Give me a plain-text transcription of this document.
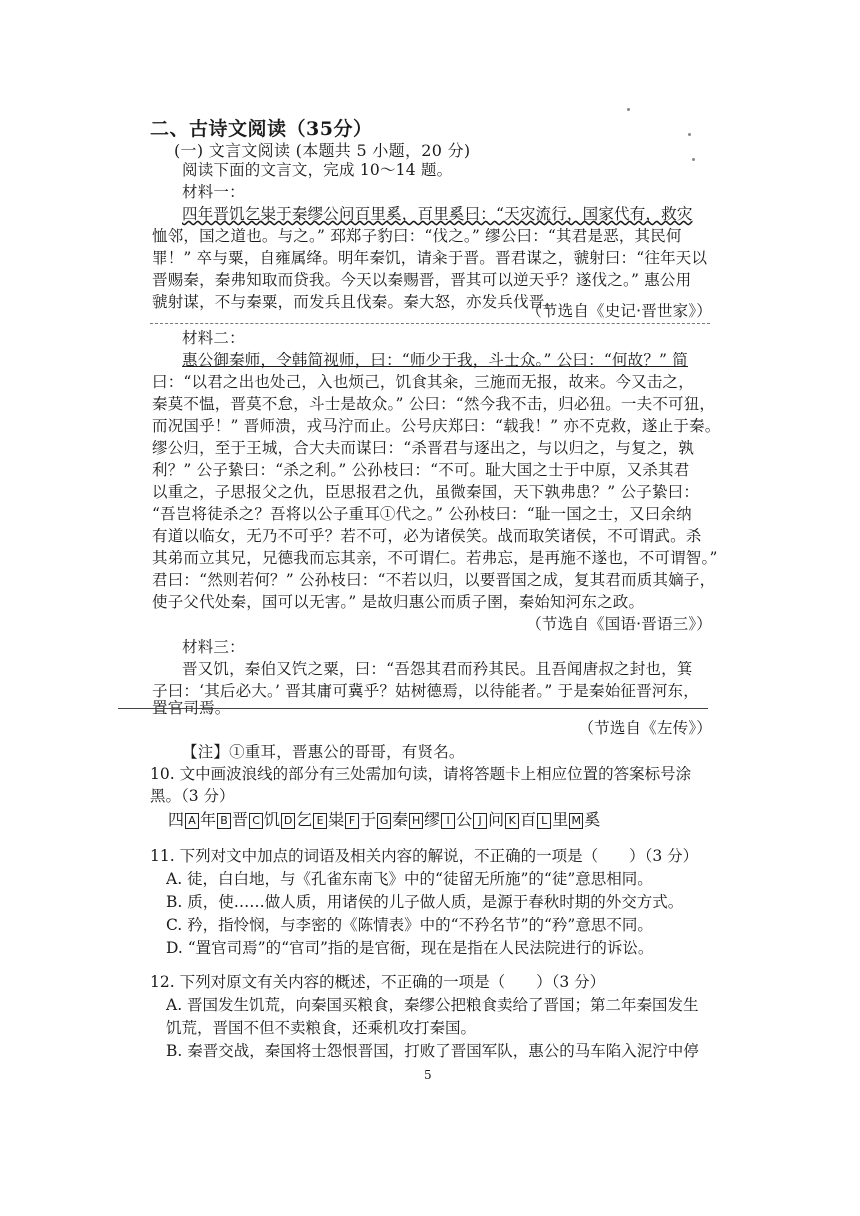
二、古诗文阅读（35分）
(一) 文言文阅读 (本题共 5 小题，20 分)
阅读下面的文言文，完成 10～14 题。
材料一：
四年晋饥乞粜于秦缪公问百里奚，百里奚曰：“天灾流行，国家代有，救灾
恤邻，国之道也。与之。” 邳郑子豹曰：“伐之。” 缪公曰：“其君是恶，其民何
罪！” 卒与粟，自雍属绛。明年秦饥，请籴于晋。晋君谋之，虢射曰：“往年天以
晋赐秦，秦弗知取而贷我。今天以秦赐晋，晋其可以逆天乎？遂伐之。” 惠公用
虢射谋，不与秦粟，而发兵且伐秦。秦大怒，亦发兵伐晋。
（节选自《史记·晋世家》）
材料二：
惠公御秦师，令韩简视师，曰：“师少于我，斗士众。” 公曰：“何故？” 简
曰：“以君之出也处己，入也烦己，饥食其籴，三施而无报，故来。今又击之，
秦莫不愠，晋莫不怠，斗士是故众。” 公曰：“然今我不击，归必狃。一夫不可狃，
而况国乎！” 晋师溃，戎马泞而止。公号庆郑曰：“载我！” 亦不克救，遂止于秦。
缪公归，至于王城，合大夫而谋曰：“杀晋君与逐出之，与以归之，与复之，孰
利？” 公子絷曰：“杀之利。” 公孙枝曰：“不可。耻大国之士于中原，又杀其君
以重之，子思报父之仇，臣思报君之仇，虽微秦国，天下孰弗患？” 公子絷曰：
“吾岂将徒杀之？吾将以公子重耳①代之。” 公孙枝曰：“耻一国之士，又曰余纳
有道以临女，无乃不可乎？若不可，必为诸侯笑。战而取笑诸侯，不可谓武。杀
其弟而立其兄，兄德我而忘其亲，不可谓仁。若弗忘，是再施不遂也，不可谓智。”
君曰：“然则若何？” 公孙枝曰：“不若以归，以要晋国之成，复其君而质其嫡子，
使子父代处秦，国可以无害。” 是故归惠公而质子圉，秦始知河东之政。
（节选自《国语·晋语三》）
材料三：
晋又饥，秦伯又饩之粟，曰：“吾怨其君而矜其民。且吾闻唐叔之封也，箕
子曰：‘其后必大。’ 晋其庸可冀乎？姑树德焉，以待能者。” 于是秦始征晋河东，
置官司焉。
（节选自《左传》）
【注】①重耳，晋惠公的哥哥，有贤名。
10. 文中画波浪线的部分有三处需加句读，请将答题卡上相应位置的答案标号涂
黑。（3 分）
四 A 年 B 晋 C 饥 D 乞 E 粜 F 于 G 秦 H 缪 I 公 J 问 K 百 L 里 M 奚
11. 下列对文中加点的词语及相关内容的解说，不正确的一项是（　　）（3 分）
A. 徒，白白地，与《孔雀东南飞》中的“徒留无所施”的“徒”意思相同。
B. 质，使……做人质，用诸侯的儿子做人质，是源于春秋时期的外交方式。
C. 矜，指怜悯，与李密的《陈情表》中的“不矜名节”的“矜”意思不同。
D. “置官司焉”的“官司”指的是官衙，现在是指在人民法院进行的诉讼。
12. 下列对原文有关内容的概述，不正确的一项是（　　）（3 分）
A. 晋国发生饥荒，向秦国买粮食，秦缪公把粮食卖给了晋国；第二年秦国发生
饥荒，晋国不但不卖粮食，还乘机攻打秦国。
B. 秦晋交战，秦国将士怨恨晋国，打败了晋国军队，惠公的马车陷入泥泞中停
5
